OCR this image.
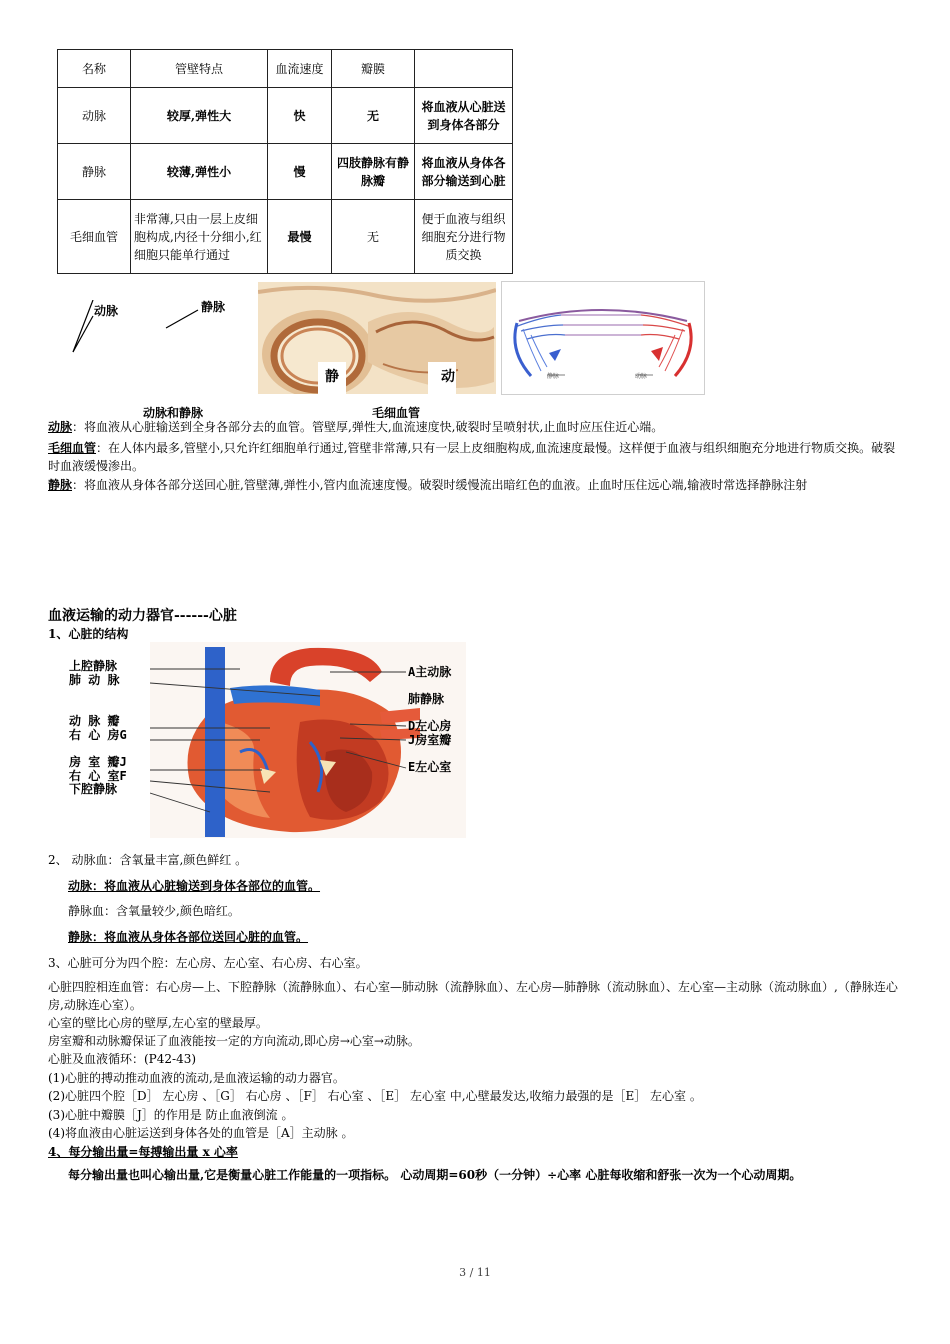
名称	管壁特点	血流速度	瓣膜	
动脉	较厚,弹性大	快	无	将血液从心脏送到身体各部分
静脉	较薄,弹性小	慢	四肢静脉有静脉瓣	将血液从身体各部分输送到心脏
毛细血管	非常薄,只由一层上皮细胞构成,内径十分细小,红细胞只能单行通过	最慢	无	便于血液与组织细胞充分进行物质交换
动脉	静脉
静	动	静脉	动脉
动脉和静脉	毛细血管
动脉：将血液从心脏输送到全身各部分去的血管。管壁厚,弹性大,血流速度快,破裂时呈喷射状,止血时应压住近心端。
毛细血管：在人体内最多,管壁小,只允许红细胞单行通过,管壁非常薄,只有一层上皮细胞构成,血流速度最慢。这样便于血液与组织细胞充分地进行物质交换。破裂时血液缓慢渗出。
静脉：将血液从身体各部分送回心脏,管壁薄,弹性小,管内血流速度慢。破裂时缓慢流出暗红色的血液。止血时压住远心端,输液时常选择静脉注射
血液运输的动力器官------心脏
1、心脏的结构
上腔静脉
肺 动 脉
动 脉 瓣
右 心 房G
房 室 瓣J
右 心 室F
下腔静脉
A主动脉
肺静脉
D左心房
J房室瓣
E左心室
2、 动脉血：含氧量丰富,颜色鲜红 。
动脉：将血液从心脏输送到身体各部位的血管。
静脉血：含氧量较少,颜色暗红。
静脉：将血液从身体各部位送回心脏的血管。
3、心脏可分为四个腔：左心房、左心室、右心房、右心室。
心脏四腔相连血管：右心房—上、下腔静脉（流静脉血）、右心室—肺动脉（流静脉血）、左心房—肺静脉（流动脉血）、左心室—主动脉（流动脉血）,（静脉连心房,动脉连心室）。
心室的壁比心房的壁厚,左心室的壁最厚。
房室瓣和动脉瓣保证了血液能按一定的方向流动,即心房→心室→动脉。
心脏及血液循环：(P42-43)
(1)心脏的搏动推动血液的流动,是血液运输的动力器官。
(2)心脏四个腔［D］ 左心房 、［G］ 右心房 、［F］ 右心室 、［E］ 左心室 中,心壁最发达,收缩力最强的是［E］ 左心室 。
(3)心脏中瓣膜［J］的作用是 防止血液倒流 。
(4)将血液由心脏运送到身体各处的血管是［A］主动脉 。
4、每分输出量=每搏输出量 x 心率
每分输出量也叫心输出量,它是衡量心脏工作能量的一项指标。 心动周期=60秒（一分钟）÷心率 心脏每收缩和舒张一次为一个心动周期。
3 / 11
